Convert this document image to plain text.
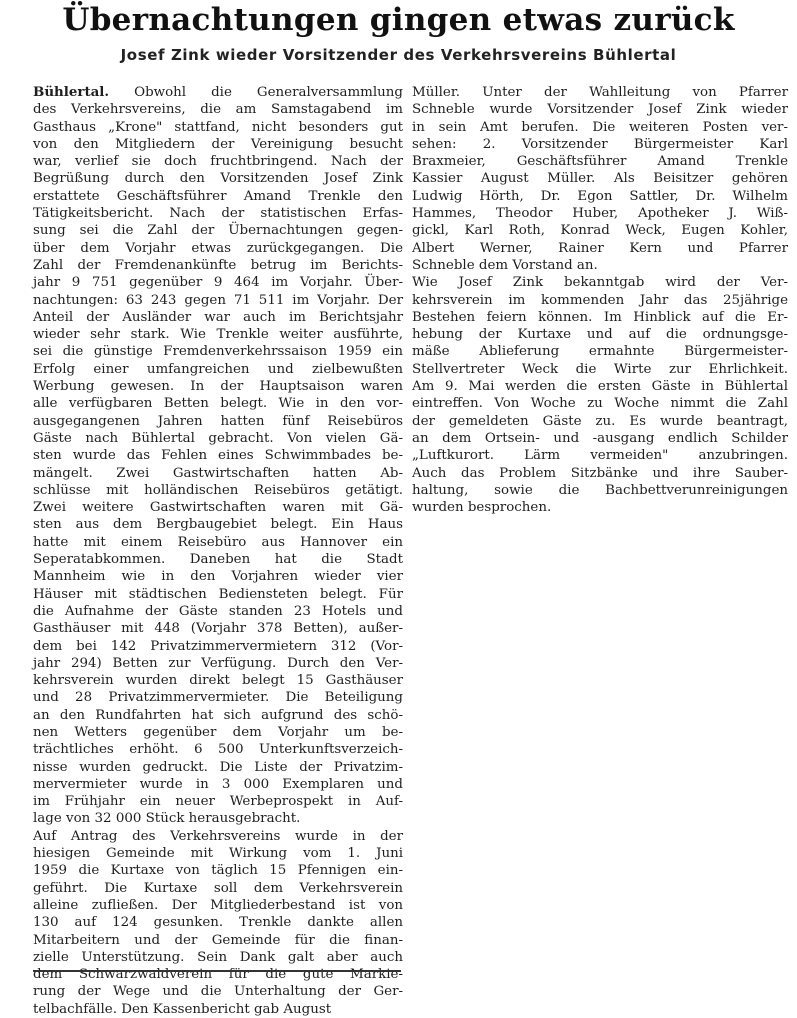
Übernachtungen gingen etwas zurück
Josef Zink wieder Vorsitzender des Verkehrsvereins Bühlertal
Bühlertal. Obwohl die Generalversammlung
des Verkehrsvereins, die am Samstagabend im
Gasthaus „Krone" stattfand, nicht besonders gut
von den Mitgliedern der Vereinigung besucht
war, verlief sie doch fruchtbringend. Nach der
Begrüßung durch den Vorsitzenden Josef Zink
erstattete Geschäftsführer Amand Trenkle den
Tätigkeitsbericht. Nach der statistischen Erfas-
sung sei die Zahl der Übernachtungen gegen-
über dem Vorjahr etwas zurückgegangen. Die
Zahl der Fremdenankünfte betrug im Berichts-
jahr 9 751 gegenüber 9 464 im Vorjahr. Über-
nachtungen: 63 243 gegen 71 511 im Vorjahr. Der
Anteil der Ausländer war auch im Berichtsjahr
wieder sehr stark. Wie Trenkle weiter ausführte,
sei die günstige Fremdenverkehrssaison 1959 ein
Erfolg einer umfangreichen und zielbewußten
Werbung gewesen. In der Hauptsaison waren
alle verfügbaren Betten belegt. Wie in den vor-
ausgegangenen Jahren hatten fünf Reisebüros
Gäste nach Bühlertal gebracht. Von vielen Gä-
sten wurde das Fehlen eines Schwimmbades be-
mängelt. Zwei Gastwirtschaften hatten Ab-
schlüsse mit holländischen Reisebüros getätigt.
Zwei weitere Gastwirtschaften waren mit Gä-
sten aus dem Bergbaugebiet belegt. Ein Haus
hatte mit einem Reisebüro aus Hannover ein
Seperatabkommen. Daneben hat die Stadt
Mannheim wie in den Vorjahren wieder vier
Häuser mit städtischen Bediensteten belegt. Für
die Aufnahme der Gäste standen 23 Hotels und
Gasthäuser mit 448 (Vorjahr 378 Betten), außer-
dem bei 142 Privatzimmervermietern 312 (Vor-
jahr 294) Betten zur Verfügung. Durch den Ver-
kehrsverein wurden direkt belegt 15 Gasthäuser
und 28 Privatzimmervermieter. Die Beteiligung
an den Rundfahrten hat sich aufgrund des schö-
nen Wetters gegenüber dem Vorjahr um be-
trächtliches erhöht. 6 500 Unterkunftsverzeich-
nisse wurden gedruckt. Die Liste der Privatzim-
mervermieter wurde in 3 000 Exemplaren und
im Frühjahr ein neuer Werbeprospekt in Auf-
lage von 32 000 Stück herausgebracht.
Auf Antrag des Verkehrsvereins wurde in der
hiesigen Gemeinde mit Wirkung vom 1. Juni
1959 die Kurtaxe von täglich 15 Pfennigen ein-
geführt. Die Kurtaxe soll dem Verkehrsverein
alleine zufließen. Der Mitgliederbestand ist von
130 auf 124 gesunken. Trenkle dankte allen
Mitarbeitern und der Gemeinde für die finan-
zielle Unterstützung. Sein Dank galt aber auch
dem Schwarzwaldverein für die gute Markie-
rung der Wege und die Unterhaltung der Ger-
telbachfälle. Den Kassenbericht gab August
Müller. Unter der Wahlleitung von Pfarrer
Schneble wurde Vorsitzender Josef Zink wieder
in sein Amt berufen. Die weiteren Posten ver-
sehen: 2. Vorsitzender Bürgermeister Karl
Braxmeier, Geschäftsführer Amand Trenkle
Kassier August Müller. Als Beisitzer gehören
Ludwig Hörth, Dr. Egon Sattler, Dr. Wilhelm
Hammes, Theodor Huber, Apotheker J. Wiß-
gickl, Karl Roth, Konrad Weck, Eugen Kohler,
Albert Werner, Rainer Kern und Pfarrer
Schneble dem Vorstand an.
Wie Josef Zink bekanntgab wird der Ver-
kehrsverein im kommenden Jahr das 25jährige
Bestehen feiern können. Im Hinblick auf die Er-
hebung der Kurtaxe und auf die ordnungsge-
mäße Ablieferung ermahnte Bürgermeister-
Stellvertreter Weck die Wirte zur Ehrlichkeit.
Am 9. Mai werden die ersten Gäste in Bühlertal
eintreffen. Von Woche zu Woche nimmt die Zahl
der gemeldeten Gäste zu. Es wurde beantragt,
an dem Ortsein- und -ausgang endlich Schilder
„Luftkurort. Lärm vermeiden" anzubringen.
Auch das Problem Sitzbänke und ihre Sauber-
haltung, sowie die Bachbettverunreinigungen
wurden besprochen.
